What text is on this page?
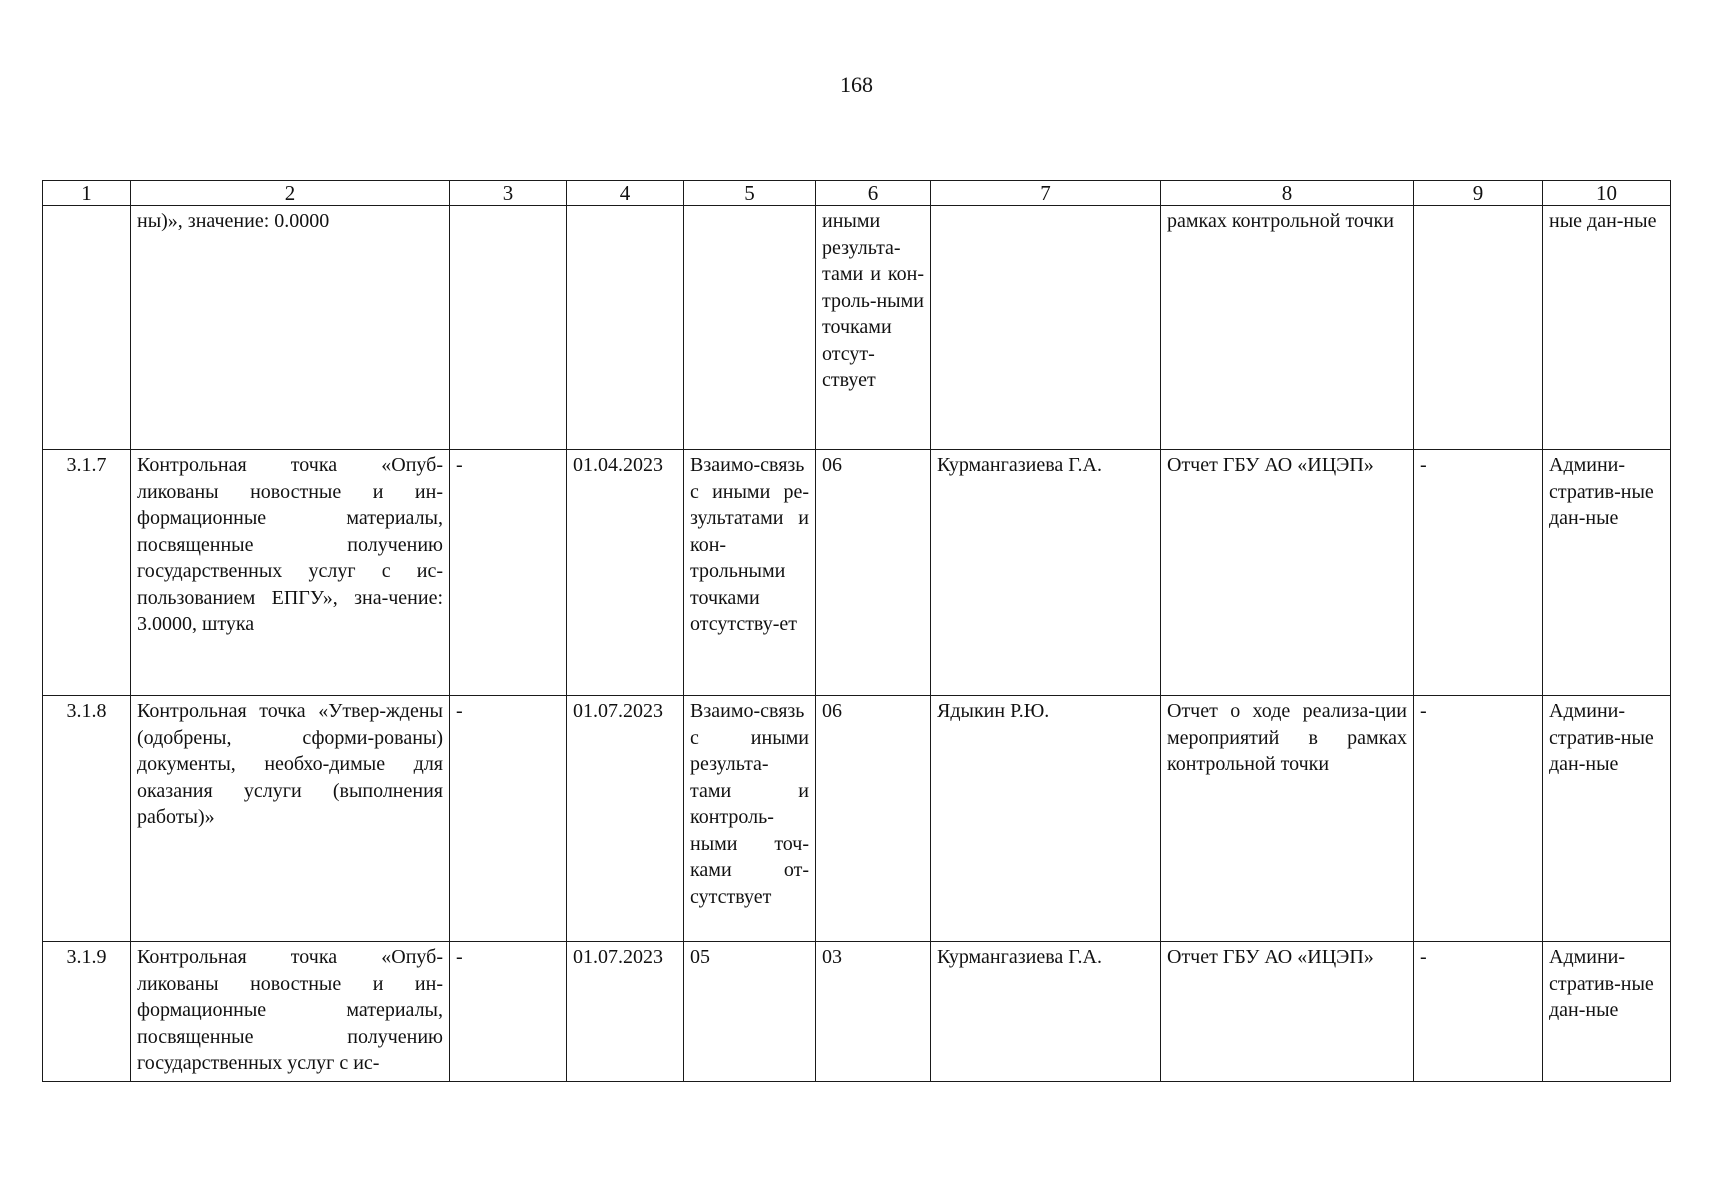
168
1	2	3	4	5	6	7	8	9	10
	ны)», значение: 0.0000				иными результа-тами и кон-троль-ными точками отсут-ствует		рамках контрольной точки		ные дан-ные
3.1.7	Контрольная точка «Опуб-ликованы новостные и ин-формационные материалы, посвященные получению государственных услуг с ис-пользованием ЕПГУ», зна-чение: 3.0000, штука	-	01.04.2023	Взаимо-связь с иными ре-зультатами и кон-трольными точками отсутству-ет	06	Курмангазиева Г.А.	Отчет ГБУ АО «ИЦЭП»	-	Админи-стратив-ные дан-ные
3.1.8	Контрольная точка «Утвер-ждены (одобрены, сформи-рованы) документы, необхо-димые для оказания услуги (выполнения работы)»	-	01.07.2023	Взаимо-связь с иными результа-тами и контроль-ными точ-ками от-сутствует	06	Ядыкин Р.Ю.	Отчет о ходе реализа-ции мероприятий в рамках контрольной точки	-	Админи-стратив-ные дан-ные
3.1.9	Контрольная точка «Опуб-ликованы новостные и ин-формационные материалы, посвященные получению государственных услуг с ис-	-	01.07.2023	05	03	Курмангазиева Г.А.	Отчет ГБУ АО «ИЦЭП»	-	Админи-стратив-ные дан-ные
